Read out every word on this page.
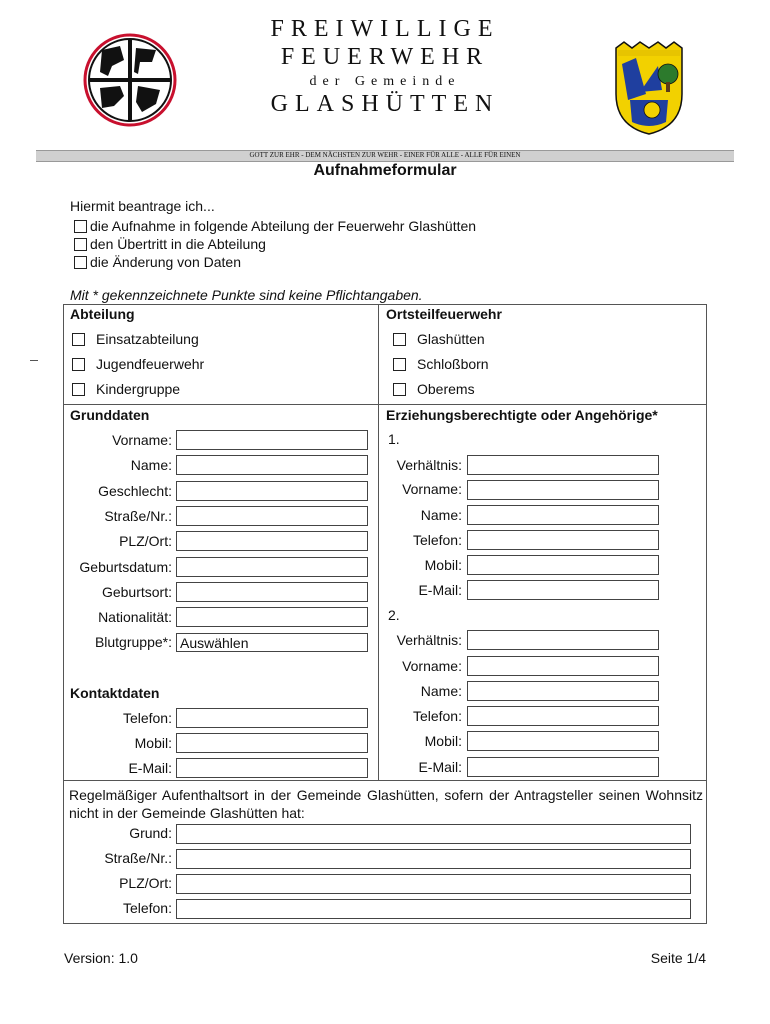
FREIWILLIGE
FEUERWEHR
der Gemeinde
GLASHÜTTEN
GOTT ZUR EHR - DEM NÄCHSTEN ZUR WEHR - EINER FÜR ALLE - ALLE FÜR EINEN
Aufnahmeformular
Hiermit beantrage ich...
die Aufnahme in folgende Abteilung der Feuerwehr Glashütten
den Übertritt in die Abteilung
die Änderung von Daten
Mit * gekennzeichnete Punkte sind keine Pflichtangaben.
Abteilung
Einsatzabteilung
Jugendfeuerwehr
Kindergruppe
Ortsteilfeuerwehr
Glashütten
Schloßborn
Oberems
Grunddaten
Vorname:
Name:
Geschlecht:
Straße/Nr.:
PLZ/Ort:
Geburtsdatum:
Geburtsort:
Nationalität:
Blutgruppe*: Auswählen
Kontaktdaten
Telefon:
Mobil:
E-Mail:
Erziehungsberechtigte oder Angehörige*
1.
Verhältnis:
Vorname:
Name:
Telefon:
Mobil:
E-Mail:
2.
Verhältnis:
Vorname:
Name:
Telefon:
Mobil:
E-Mail:
Regelmäßiger Aufenthaltsort in der Gemeinde Glashütten, sofern der Antragsteller seinen Wohnsitz nicht in der Gemeinde Glashütten hat:
Grund:
Straße/Nr.:
PLZ/Ort:
Telefon:
Version: 1.0	Seite 1/4
